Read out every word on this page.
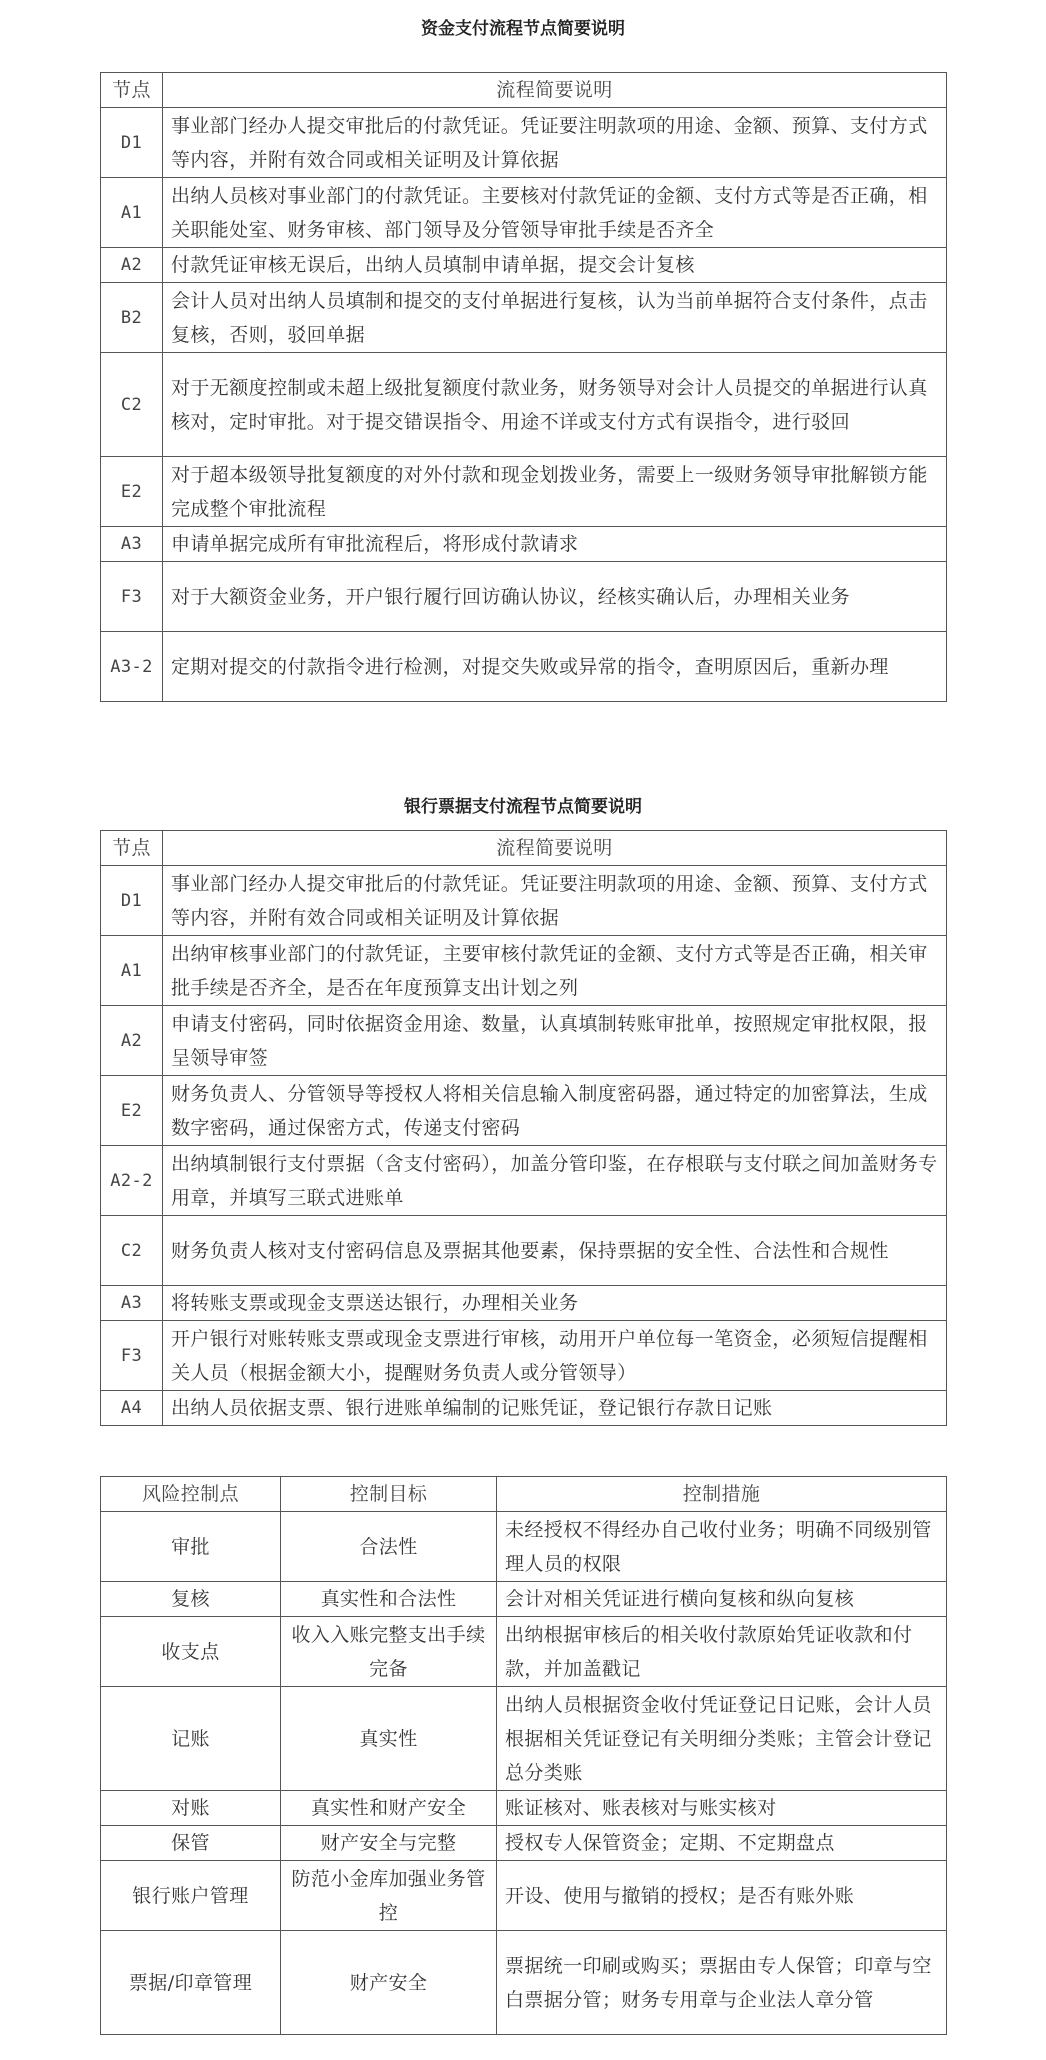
资金支付流程节点简要说明
节点	流程简要说明
D1	事业部门经办人提交审批后的付款凭证。凭证要注明款项的用途、金额、预算、支付方式等内容，并附有效合同或相关证明及计算依据
A1	出纳人员核对事业部门的付款凭证。主要核对付款凭证的金额、支付方式等是否正确，相关职能处室、财务审核、部门领导及分管领导审批手续是否齐全
A2	付款凭证审核无误后，出纳人员填制申请单据，提交会计复核
B2	会计人员对出纳人员填制和提交的支付单据进行复核，认为当前单据符合支付条件，点击复核，否则，驳回单据
C2	对于无额度控制或未超上级批复额度付款业务，财务领导对会计人员提交的单据进行认真核对，定时审批。对于提交错误指令、用途不详或支付方式有误指令，进行驳回
E2	对于超本级领导批复额度的对外付款和现金划拨业务，需要上一级财务领导审批解锁方能完成整个审批流程
A3	申请单据完成所有审批流程后，将形成付款请求
F3	对于大额资金业务，开户银行履行回访确认协议，经核实确认后，办理相关业务
A3-2	定期对提交的付款指令进行检测，对提交失败或异常的指令，查明原因后，重新办理
银行票据支付流程节点简要说明
节点	流程简要说明
D1	事业部门经办人提交审批后的付款凭证。凭证要注明款项的用途、金额、预算、支付方式等内容，并附有效合同或相关证明及计算依据
A1	出纳审核事业部门的付款凭证，主要审核付款凭证的金额、支付方式等是否正确，相关审批手续是否齐全，是否在年度预算支出计划之列
A2	申请支付密码，同时依据资金用途、数量，认真填制转账审批单，按照规定审批权限，报呈领导审签
E2	财务负责人、分管领导等授权人将相关信息输入制度密码器，通过特定的加密算法，生成数字密码，通过保密方式，传递支付密码
A2-2	出纳填制银行支付票据（含支付密码），加盖分管印鉴，在存根联与支付联之间加盖财务专用章，并填写三联式进账单
C2	财务负责人核对支付密码信息及票据其他要素，保持票据的安全性、合法性和合规性
A3	将转账支票或现金支票送达银行，办理相关业务
F3	开户银行对账转账支票或现金支票进行审核，动用开户单位每一笔资金，必须短信提醒相关人员（根据金额大小，提醒财务负责人或分管领导）
A4	出纳人员依据支票、银行进账单编制的记账凭证，登记银行存款日记账
风险控制点	控制目标	控制措施
审批	合法性	未经授权不得经办自己收付业务；明确不同级别管理人员的权限
复核	真实性和合法性	会计对相关凭证进行横向复核和纵向复核
收支点	收入入账完整支出手续完备	出纳根据审核后的相关收付款原始凭证收款和付款，并加盖戳记
记账	真实性	出纳人员根据资金收付凭证登记日记账，会计人员根据相关凭证登记有关明细分类账；主管会计登记总分类账
对账	真实性和财产安全	账证核对、账表核对与账实核对
保管	财产安全与完整	授权专人保管资金；定期、不定期盘点
银行账户管理	防范小金库加强业务管控	开设、使用与撤销的授权；是否有账外账
票据/印章管理	财产安全	票据统一印刷或购买；票据由专人保管；印章与空白票据分管；财务专用章与企业法人章分管
